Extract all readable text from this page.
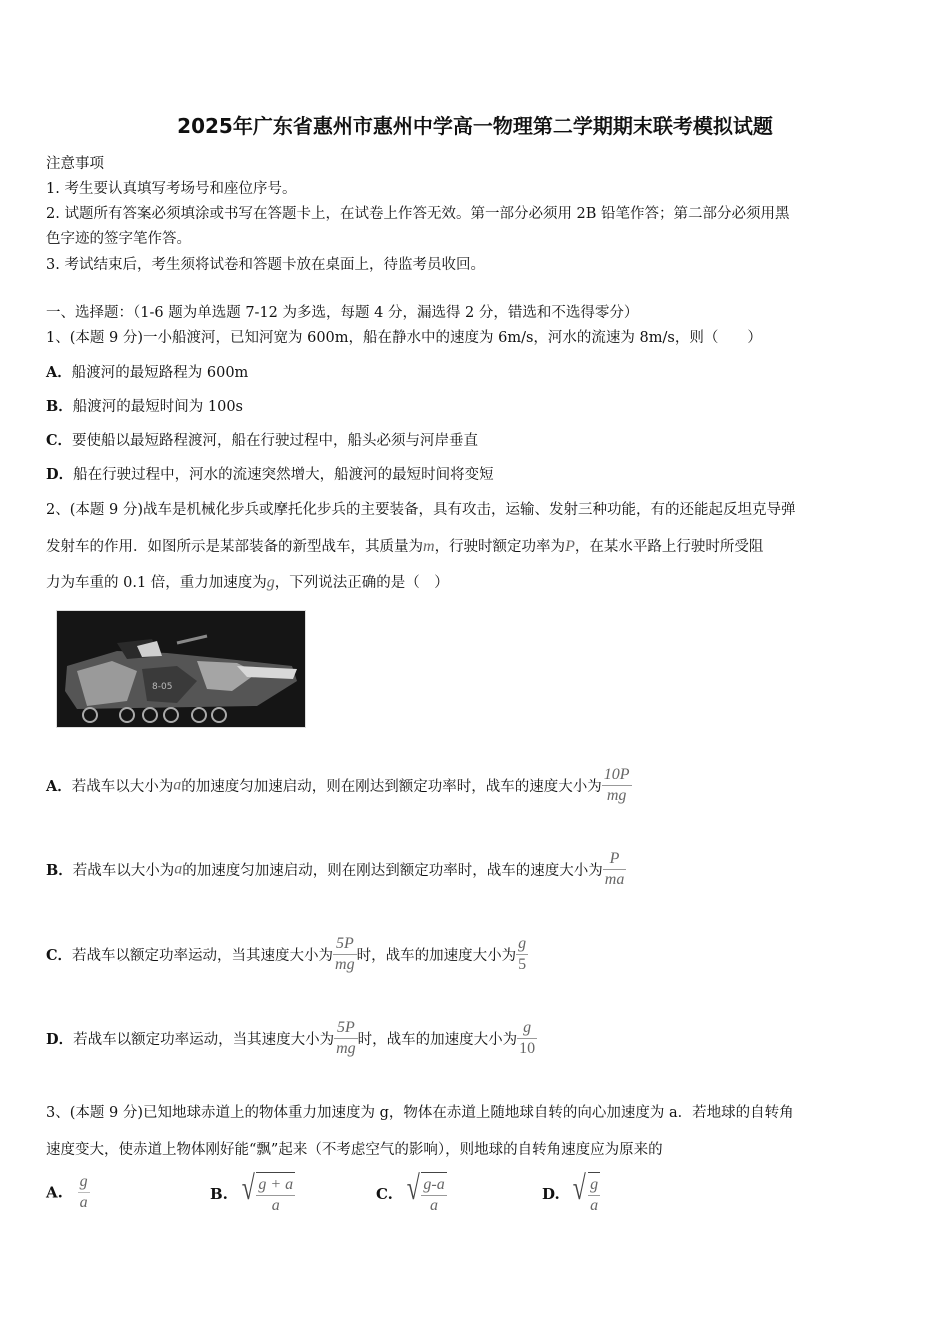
2025年广东省惠州市惠州中学高一物理第二学期期末联考模拟试题
注意事项
1. 考生要认真填写考场号和座位序号。
2. 试题所有答案必须填涂或书写在答题卡上，在试卷上作答无效。第一部分必须用 2B 铅笔作答；第二部分必须用黑
色字迹的签字笔作答。
3. 考试结束后，考生须将试卷和答题卡放在桌面上，待监考员收回。
一、选择题：（1-6 题为单选题 7-12 为多选，每题 4 分，漏选得 2 分，错选和不选得零分）
1、(本题 9 分)一小船渡河，已知河宽为 600m，船在静水中的速度为 6m/s，河水的流速为 8m/s，则（　　）
A．船渡河的最短路程为 600m
B．船渡河的最短时间为 100s
C．要使船以最短路程渡河，船在行驶过程中，船头必须与河岸垂直
D．船在行驶过程中，河水的流速突然增大，船渡河的最短时间将变短
2、(本题 9 分)战车是机械化步兵或摩托化步兵的主要装备，具有攻击，运输、发射三种功能，有的还能起反坦克导弹
发射车的作用．如图所示是某部装备的新型战车，其质量为m，行驶时额定功率为P，在某水平路上行驶时所受阻
力为车重的 0.1 倍，重力加速度为g，下列说法正确的是（　）
8-05
A．若战车以大小为a的加速度匀加速启动，则在刚达到额定功率时，战车的速度大小为 $\frac{10P}{mg}$
B．若战车以大小为a的加速度匀加速启动，则在刚达到额定功率时，战车的速度大小为 $\frac{P}{ma}$
C．若战车以额定功率运动，当其速度大小为 $\frac{5P}{mg}$ 时，战车的加速度大小为 $\frac{g}{5}$
D．若战车以额定功率运动，当其速度大小为 $\frac{5P}{mg}$ 时，战车的加速度大小为 $\frac{g}{10}$
3、(本题 9 分)已知地球赤道上的物体重力加速度为 g，物体在赤道上随地球自转的向心加速度为 a．若地球的自转角
速度变大，使赤道上物体刚好能“飘”起来（不考虑空气的影响），则地球的自转角速度应为原来的
A. $\frac{g}{a}$	B. √ $\frac{g + a}{a}$	C. √ $\frac{g-a}{a}$	D. √ $\frac{g}{a}$
